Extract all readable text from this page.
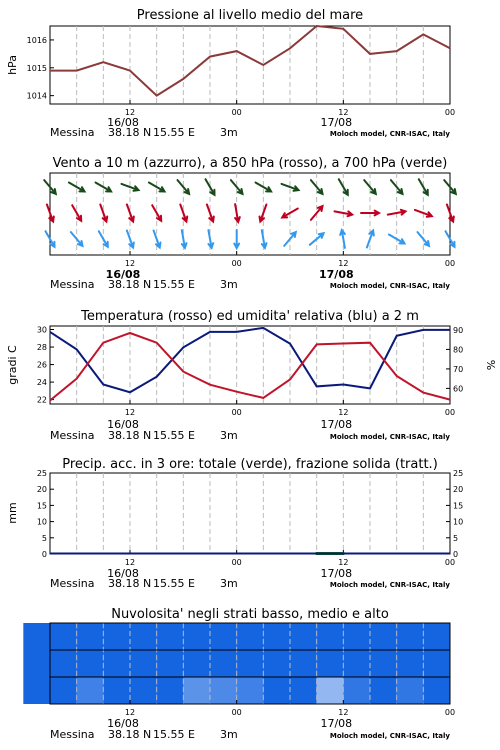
Pressione al livello medio del mare
1014
1015
1016
12	00	12	00
hPa
16/08	17/08
Messina 38.18 N 15.55 E 3m	Moloch model, CNR-ISAC, Italy
Vento a 10 m (azzurro), a 850 hPa (rosso), a 700 hPa (verde)
12	00	12	00
16/08	17/08
Messina 38.18 N 15.55 E 3m	Moloch model, CNR-ISAC, Italy
Temperatura (rosso) ed umidita' relativa (blu) a 2 m
22
24
26
28
30
60
70
80
90
12	00	12	00
gradi C	%
16/08	17/08
Messina 38.18 N 15.55 E 3m	Moloch model, CNR-ISAC, Italy
Precip. acc. in 3 ore: totale (verde), frazione solida (tratt.)
0
5
10
15
20
25
0
5
10
15
20
25
12	00	12	00
mm
16/08	17/08
Messina 38.18 N 15.55 E 3m	Moloch model, CNR-ISAC, Italy
Nuvolosita' negli strati basso, medio e alto
12	00	12	00
16/08	17/08
Messina 38.18 N 15.55 E 3m	Moloch model, CNR-ISAC, Italy
